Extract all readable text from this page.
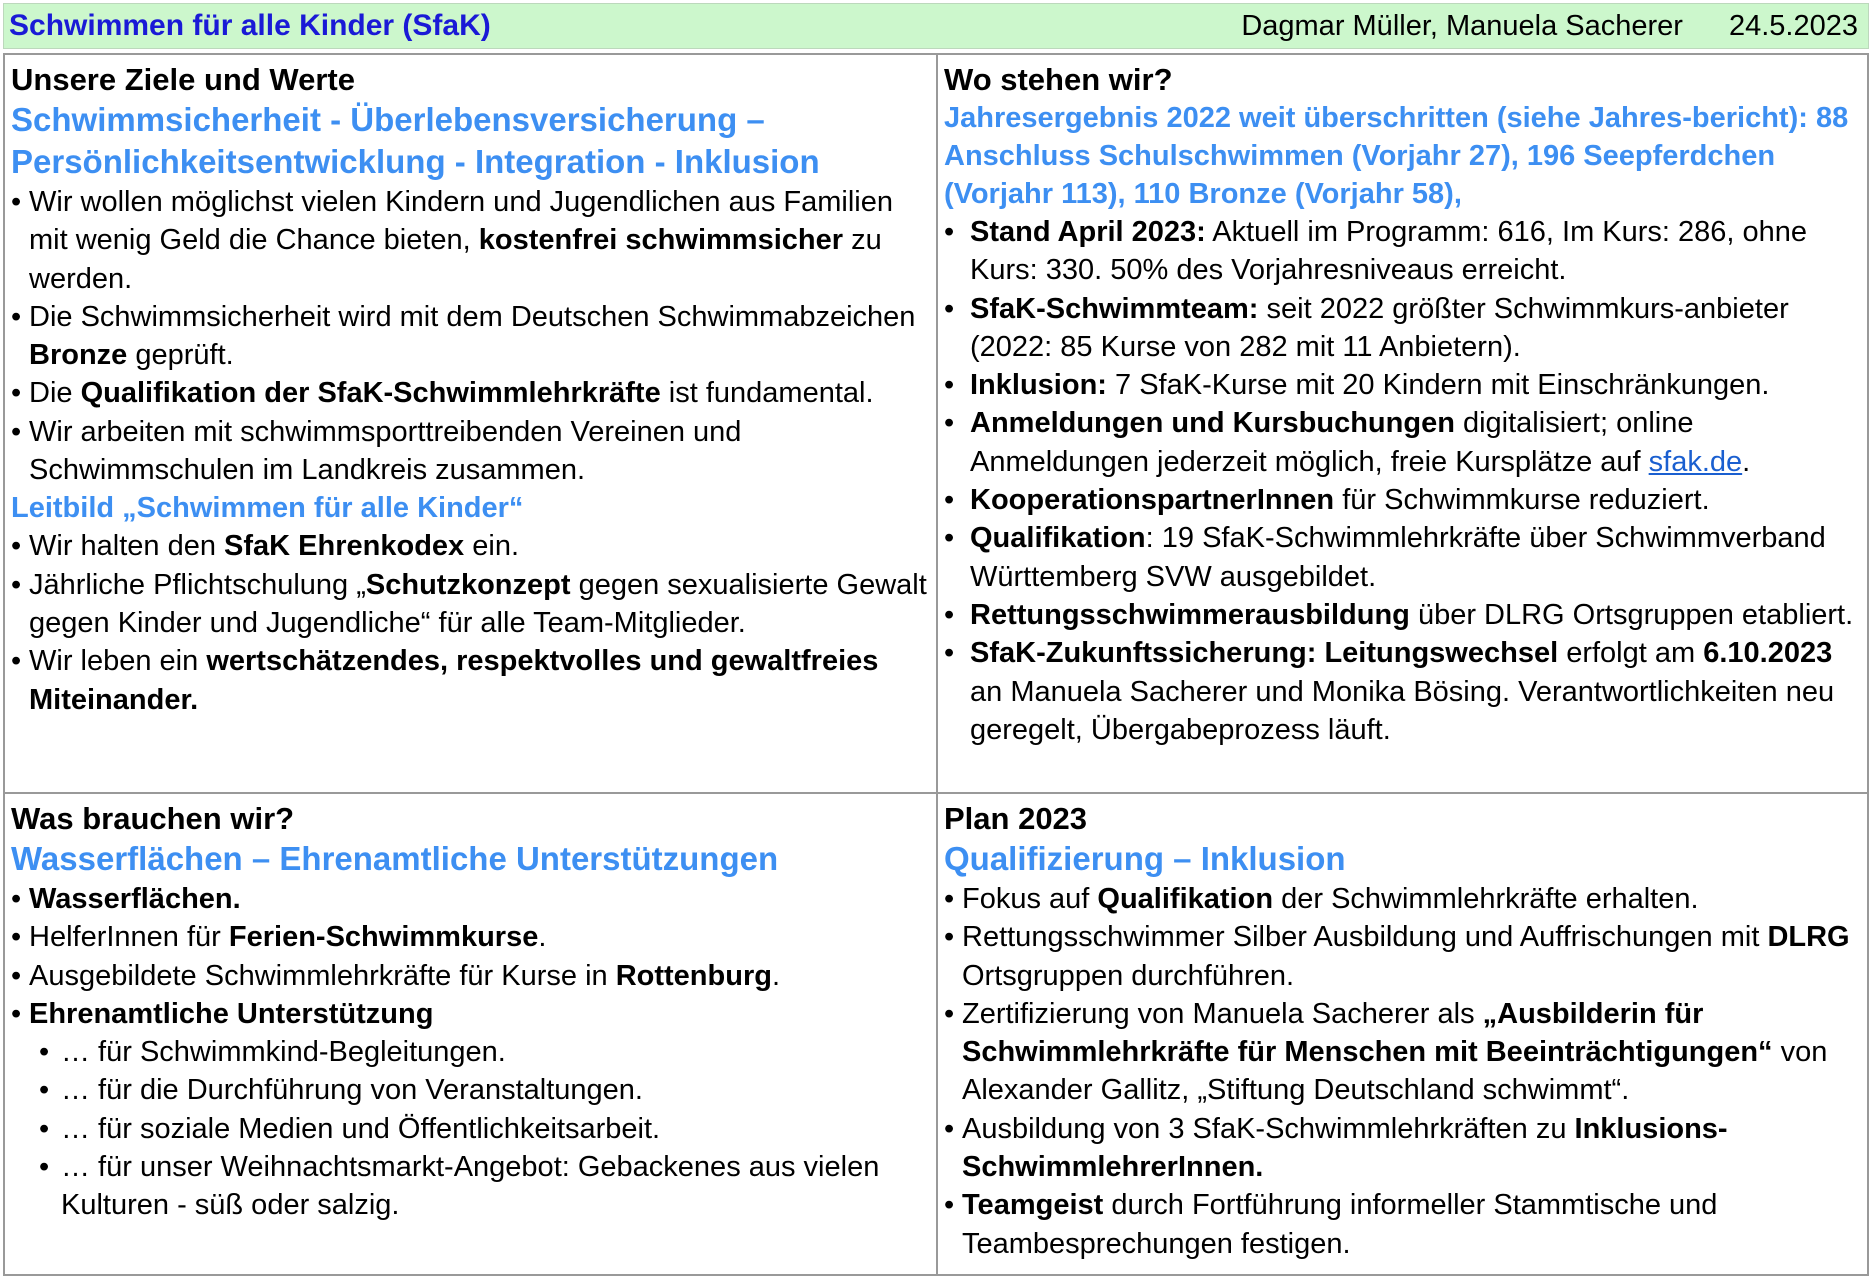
Schwimmen für alle Kinder (SfaK)	Dagmar Müller, Manuela Sacherer 24.5.2023
Unsere Ziele und Werte
Schwimmsicherheit - Überlebensversicherung – Persönlichkeitsentwicklung - Integration - Inklusion
• Wir wollen möglichst vielen Kindern und Jugendlichen aus Familien mit wenig Geld die Chance bieten, kostenfrei schwimmsicher zu werden.
• Die Schwimmsicherheit wird mit dem Deutschen Schwimmabzeichen Bronze geprüft.
• Die Qualifikation der SfaK-Schwimmlehrkräfte ist fundamental.
• Wir arbeiten mit schwimmsporttreibenden Vereinen und Schwimmschulen im Landkreis zusammen.
Leitbild „Schwimmen für alle Kinder“
• Wir halten den SfaK Ehrenkodex ein.
• Jährliche Pflichtschulung „Schutzkonzept gegen sexualisierte Gewalt gegen Kinder und Jugendliche“ für alle Team-Mitglieder.
• Wir leben ein wertschätzendes, respektvolles und gewaltfreies Miteinander.
Wo stehen wir?
Jahresergebnis 2022 weit überschritten (siehe Jahres-bericht): 88 Anschluss Schulschwimmen (Vorjahr 27), 196 Seepferdchen (Vorjahr 113), 110 Bronze (Vorjahr 58),
• Stand April 2023: Aktuell im Programm: 616, Im Kurs: 286, ohne Kurs: 330. 50% des Vorjahresniveaus erreicht.
• SfaK-Schwimmteam: seit 2022 größter Schwimmkurs-anbieter (2022: 85 Kurse von 282 mit 11 Anbietern).
• Inklusion: 7 SfaK-Kurse mit 20 Kindern mit Einschränkungen.
• Anmeldungen und Kursbuchungen digitalisiert; online Anmeldungen jederzeit möglich, freie Kursplätze auf sfak.de.
• KooperationspartnerInnen für Schwimmkurse reduziert.
• Qualifikation: 19 SfaK-Schwimmlehrkräfte über Schwimmverband Württemberg SVW ausgebildet.
• Rettungsschwimmerausbildung über DLRG Ortsgruppen etabliert.
• SfaK-Zukunftssicherung: Leitungswechsel erfolgt am 6.10.2023 an Manuela Sacherer und Monika Bösing. Verantwortlichkeiten neu geregelt, Übergabeprozess läuft.
Was brauchen wir?
Wasserflächen – Ehrenamtliche Unterstützungen
• Wasserflächen.
• HelferInnen für Ferien-Schwimmkurse.
• Ausgebildete Schwimmlehrkräfte für Kurse in Rottenburg.
• Ehrenamtliche Unterstützung
• … für Schwimmkind-Begleitungen.
• … für die Durchführung von Veranstaltungen.
• … für soziale Medien und Öffentlichkeitsarbeit.
• … für unser Weihnachtsmarkt-Angebot: Gebackenes aus vielen Kulturen - süß oder salzig.
Plan 2023
Qualifizierung – Inklusion
• Fokus auf Qualifikation der Schwimmlehrkräfte erhalten.
• Rettungsschwimmer Silber Ausbildung und Auffrischungen mit DLRG Ortsgruppen durchführen.
• Zertifizierung von Manuela Sacherer als „Ausbilderin für Schwimmlehrkräfte für Menschen mit Beeinträchtigungen“ von Alexander Gallitz, „Stiftung Deutschland schwimmt“.
• Ausbildung von 3 SfaK-Schwimmlehrkräften zu Inklusions-SchwimmlehrerInnen.
• Teamgeist durch Fortführung informeller Stammtische und Teambesprechungen festigen.
